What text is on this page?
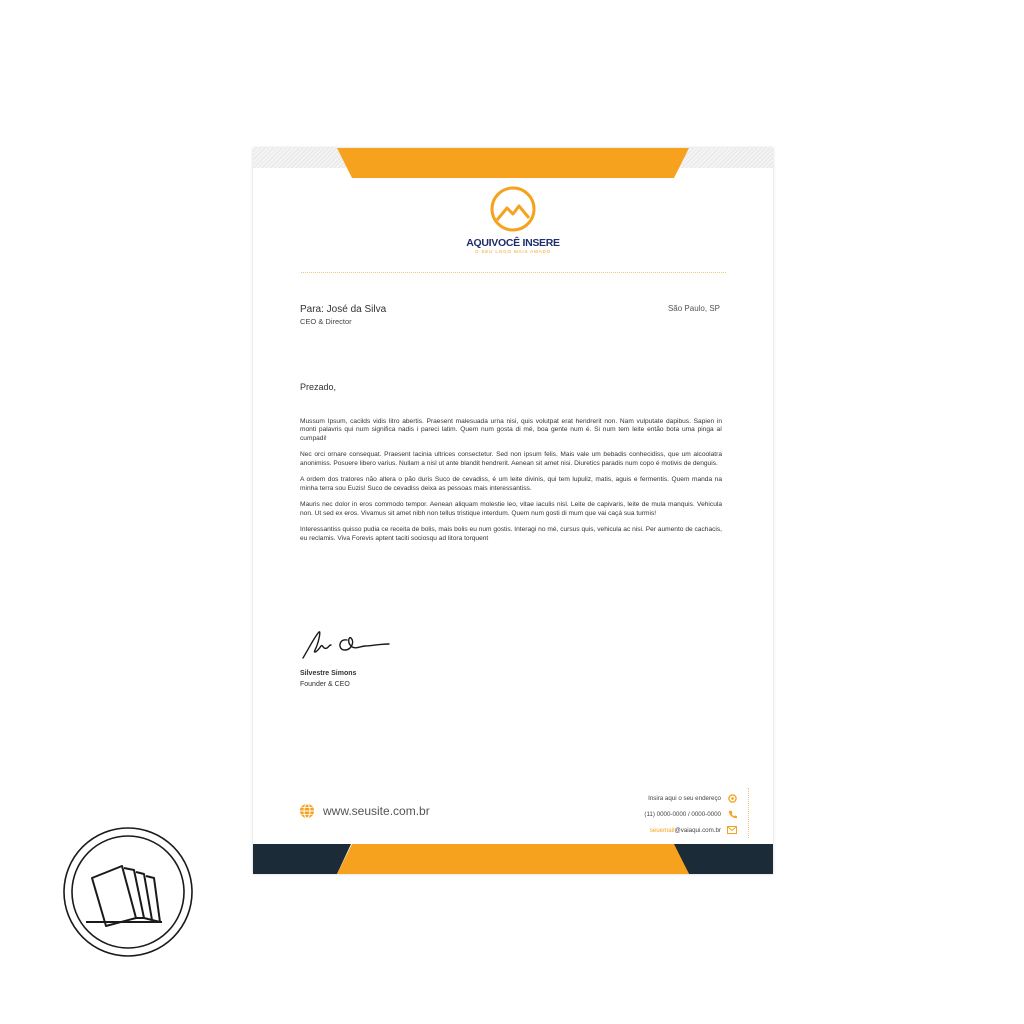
AQUIVOCÊ INSERE
O SEU LOGO MAIS AMADO
Para: José da Silva
CEO & Director
São Paulo, SP
Prezado,

Mussum Ipsum, cacilds vidis litro abertis. Praesent malesuada urna nisi, quis volutpat erat hendrerit non. Nam vulputate dapibus. Sapien in monti palavris qui num significa nadis i pareci latim. Quem num gosta di mé, boa gente num é. Si num tem leite então bota uma pinga aí cumpadi!

Nec orci ornare consequat. Praesent lacinia ultrices consectetur. Sed non ipsum felis. Mais vale um bebadis conhecidiss, que um alcoolatra anonimiss. Posuere libero varius. Nullam a nisl ut ante blandit hendrerit. Aenean sit amet nisi. Diuretics paradis num copo é motivis de denguis.

A ordem dos tratores não altera o pão duris Suco de cevadiss, é um leite divinis, qui tem lupuliz, matis, aguis e fermentis. Quem manda na minha terra sou Euzis! Suco de cevadiss deixa as pessoas mais interessantiss.

Mauris nec dolor in eros commodo tempor. Aenean aliquam molestie leo, vitae iaculis nisl. Leite de capivaris, leite de mula manquis. Vehicula non. Ut sed ex eros. Vivamus sit amet nibh non tellus tristique interdum. Quem num gosti di mum que vai caçá sua turmis!

Interessantiss quisso pudia ce receita de bolis, mais bolis eu num gostis. Interagi no mé, cursus quis, vehicula ac nisi. Per aumento de cachacis, eu reclamis. Viva Forevis aptent taciti sociosqu ad litora torquent

Silvestre Simons
Founder & CEO
www.seusite.com.br
Insira aqui o seu endereço
(11) 0000-0000 / 0000-0000
seuemail @vaiaqui.com.br
